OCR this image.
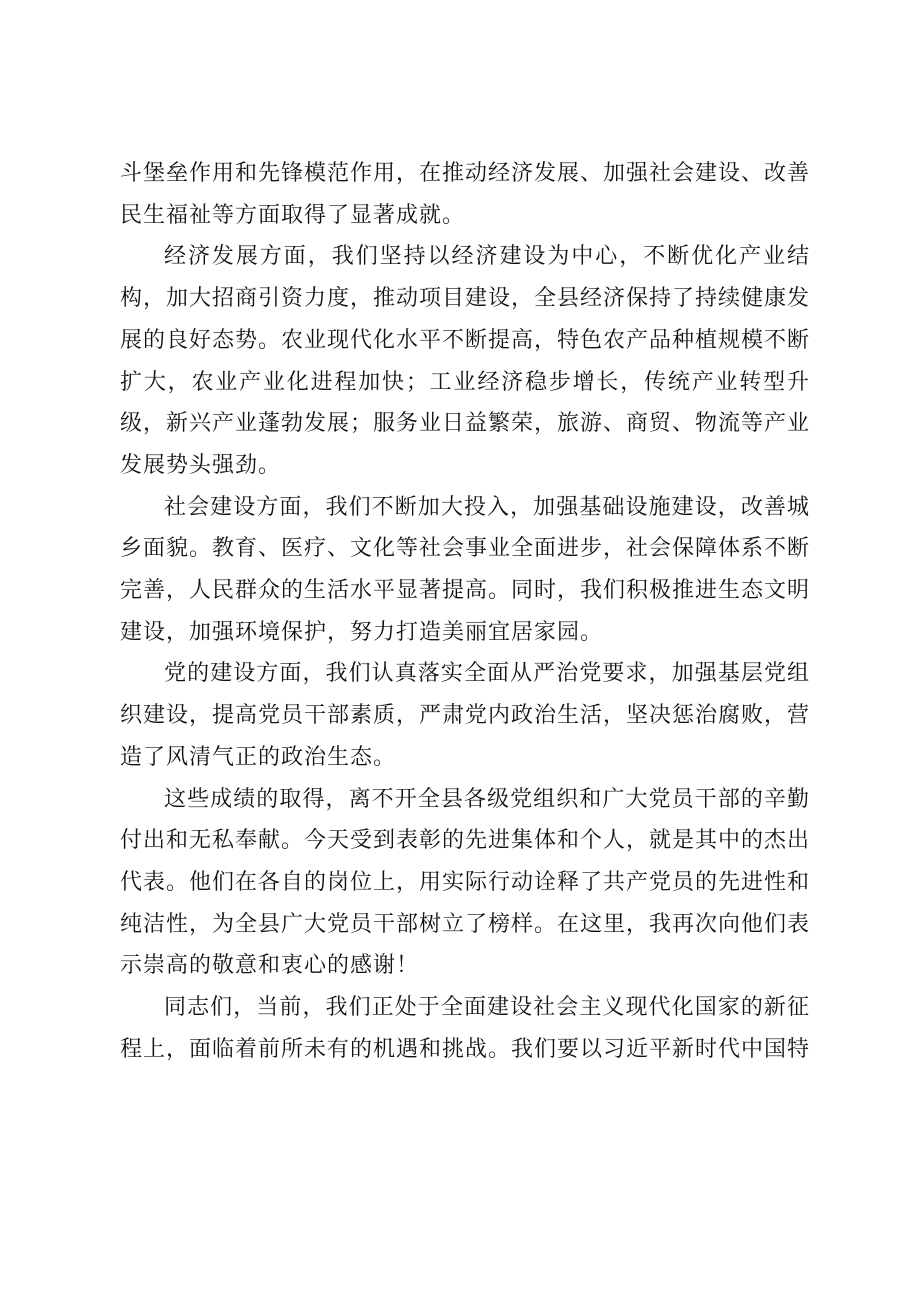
斗堡垒作用和先锋模范作用，在推动经济发展、加强社会建设、改善民生福祉等方面取得了显著成就。

经济发展方面，我们坚持以经济建设为中心，不断优化产业结构，加大招商引资力度，推动项目建设，全县经济保持了持续健康发展的良好态势。农业现代化水平不断提高，特色农产品种植规模不断扩大，农业产业化进程加快；工业经济稳步增长，传统产业转型升级，新兴产业蓬勃发展；服务业日益繁荣，旅游、商贸、物流等产业发展势头强劲。

社会建设方面，我们不断加大投入，加强基础设施建设，改善城乡面貌。教育、医疗、文化等社会事业全面进步，社会保障体系不断完善，人民群众的生活水平显著提高。同时，我们积极推进生态文明建设，加强环境保护，努力打造美丽宜居家园。

党的建设方面，我们认真落实全面从严治党要求，加强基层党组织建设，提高党员干部素质，严肃党内政治生活，坚决惩治腐败，营造了风清气正的政治生态。

这些成绩的取得，离不开全县各级党组织和广大党员干部的辛勤付出和无私奉献。今天受到表彰的先进集体和个人，就是其中的杰出代表。他们在各自的岗位上，用实际行动诠释了共产党员的先进性和纯洁性，为全县广大党员干部树立了榜样。在这里，我再次向他们表示崇高的敬意和衷心的感谢！

同志们，当前，我们正处于全面建设社会主义现代化国家的新征程上，面临着前所未有的机遇和挑战。我们要以习近平新时代中国特
